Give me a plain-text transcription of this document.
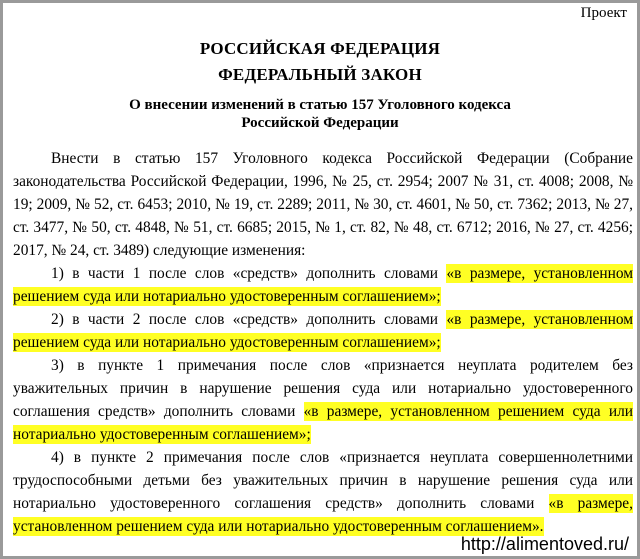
Проект
РОССИЙСКАЯ ФЕДЕРАЦИЯ
ФЕДЕРАЛЬНЫЙ ЗАКОН
О внесении изменений в статью 157 Уголовного кодекса
Российской Федерации

Внести в статью 157 Уголовного кодекса Российской Федерации (Собрание законодательства Российской Федерации, 1996, № 25, ст. 2954; 2007 № 31, ст. 4008; 2008, № 19; 2009, № 52, ст. 6453; 2010, № 19, ст. 2289; 2011, № 30, ст. 4601, № 50, ст. 7362; 2013, № 27, ст. 3477, № 50, ст. 4848, № 51, ст. 6685; 2015, № 1, ст. 82, № 48, ст. 6712; 2016, № 27, ст. 4256; 2017, № 24, ст. 3489) следующие изменения:

1) в части 1 после слов «средств» дополнить словами «в размере, установленном решением суда или нотариально удостоверенным соглашением»;

2) в части 2 после слов «средств» дополнить словами «в размере, установленном решением суда или нотариально удостоверенным соглашением»;

3) в пункте 1 примечания после слов «признается неуплата родителем без уважительных причин в нарушение решения суда или нотариально удостоверенного соглашения средств» дополнить словами «в размере, установленном решением суда или нотариально удостоверенным соглашением»;

4) в пункте 2 примечания после слов «признается неуплата совершеннолетними трудоспособными детьми без уважительных причин в нарушение решения суда или нотариально удостоверенного соглашения средств» дополнить словами «в размере, установленном решением суда или нотариально удостоверенным соглашением».

http://alimentoved.ru/
